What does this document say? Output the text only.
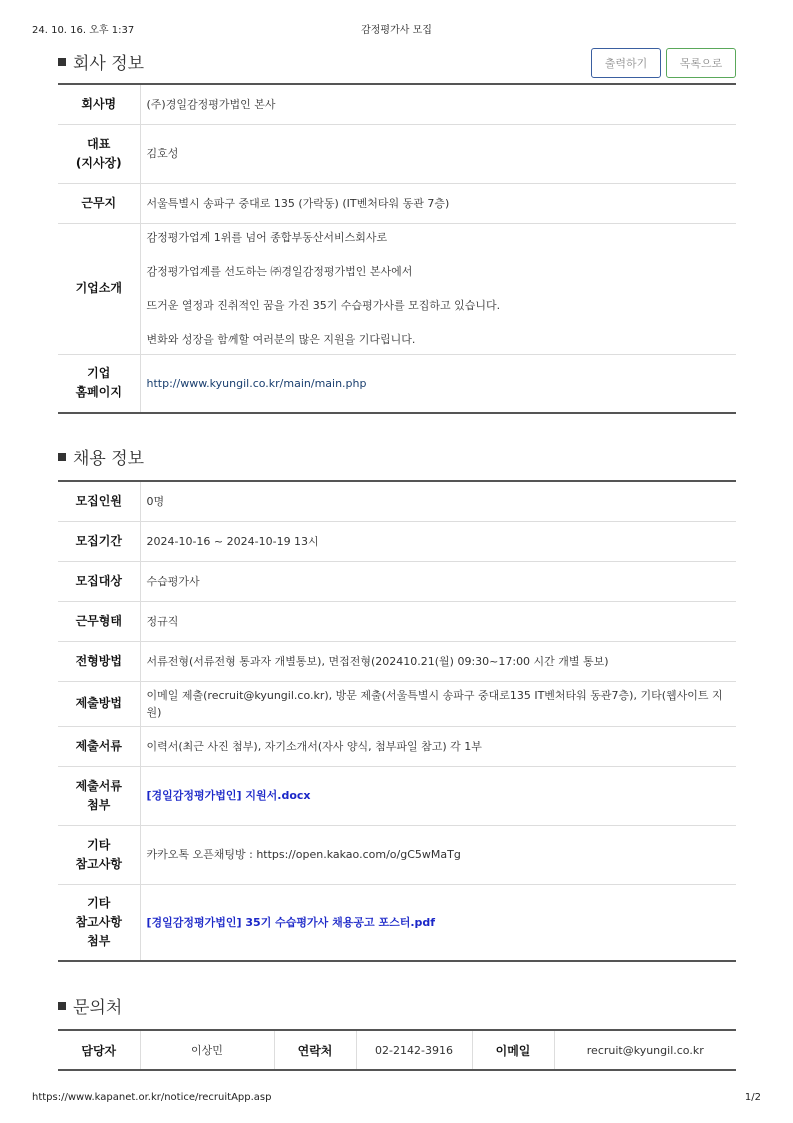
24. 10. 16. 오후 1:37	감정평가사 모집
회사 정보	출력하기	목록으로
회사명	(주)경일감정평가법인 본사

대표
(지사장)	김호성
근무지	서울특별시 송파구 중대로 135 (가락동) (IT벤처타워 동관 7층)
기업소개	감정평가업계 1위를 넘어 종합부동산서비스회사로

감정평가업계를 선도하는 ㈜경일감정평가법인 본사에서

뜨거운 열정과 진취적인 꿈을 가진 35기 수습평가사를 모집하고 있습니다.

변화와 성장을 함께할 여러분의 많은 지원을 기다립니다.

기업
홈페이지	http://www.kyungil.co.kr/main/main.php
채용 정보
모집인원	0명
모집기간	2024-10-16 ~ 2024-10-19 13시
모집대상	수습평가사
근무형태	정규직
전형방법	서류전형(서류전형 통과자 개별통보), 면접전형(202410.21(월) 09:30~17:00 시간 개별 통보)
제출방법	이메일 제출(recruit@kyungil.co.kr), 방문 제출(서울특별시 송파구 중대로135 IT벤처타워 동관7층), 기타(웹사이트 지원)
제출서류	이력서(최근 사진 첨부), 자기소개서(자사 양식, 첨부파일 참고) 각 1부

제출서류
첨부	[경일감정평가법인] 지원서.docx

기타
참고사항	카카오톡 오픈채팅방 : https://open.kakao.com/o/gC5wMaTg

기타
참고사항
첨부	[경일감정평가법인] 35기 수습평가사 채용공고 포스터.pdf
문의처
담당자	이상민	연락처	02-2142-3916	이메일	recruit@kyungil.co.kr
https://www.kapanet.or.kr/notice/recruitApp.asp	1/2
